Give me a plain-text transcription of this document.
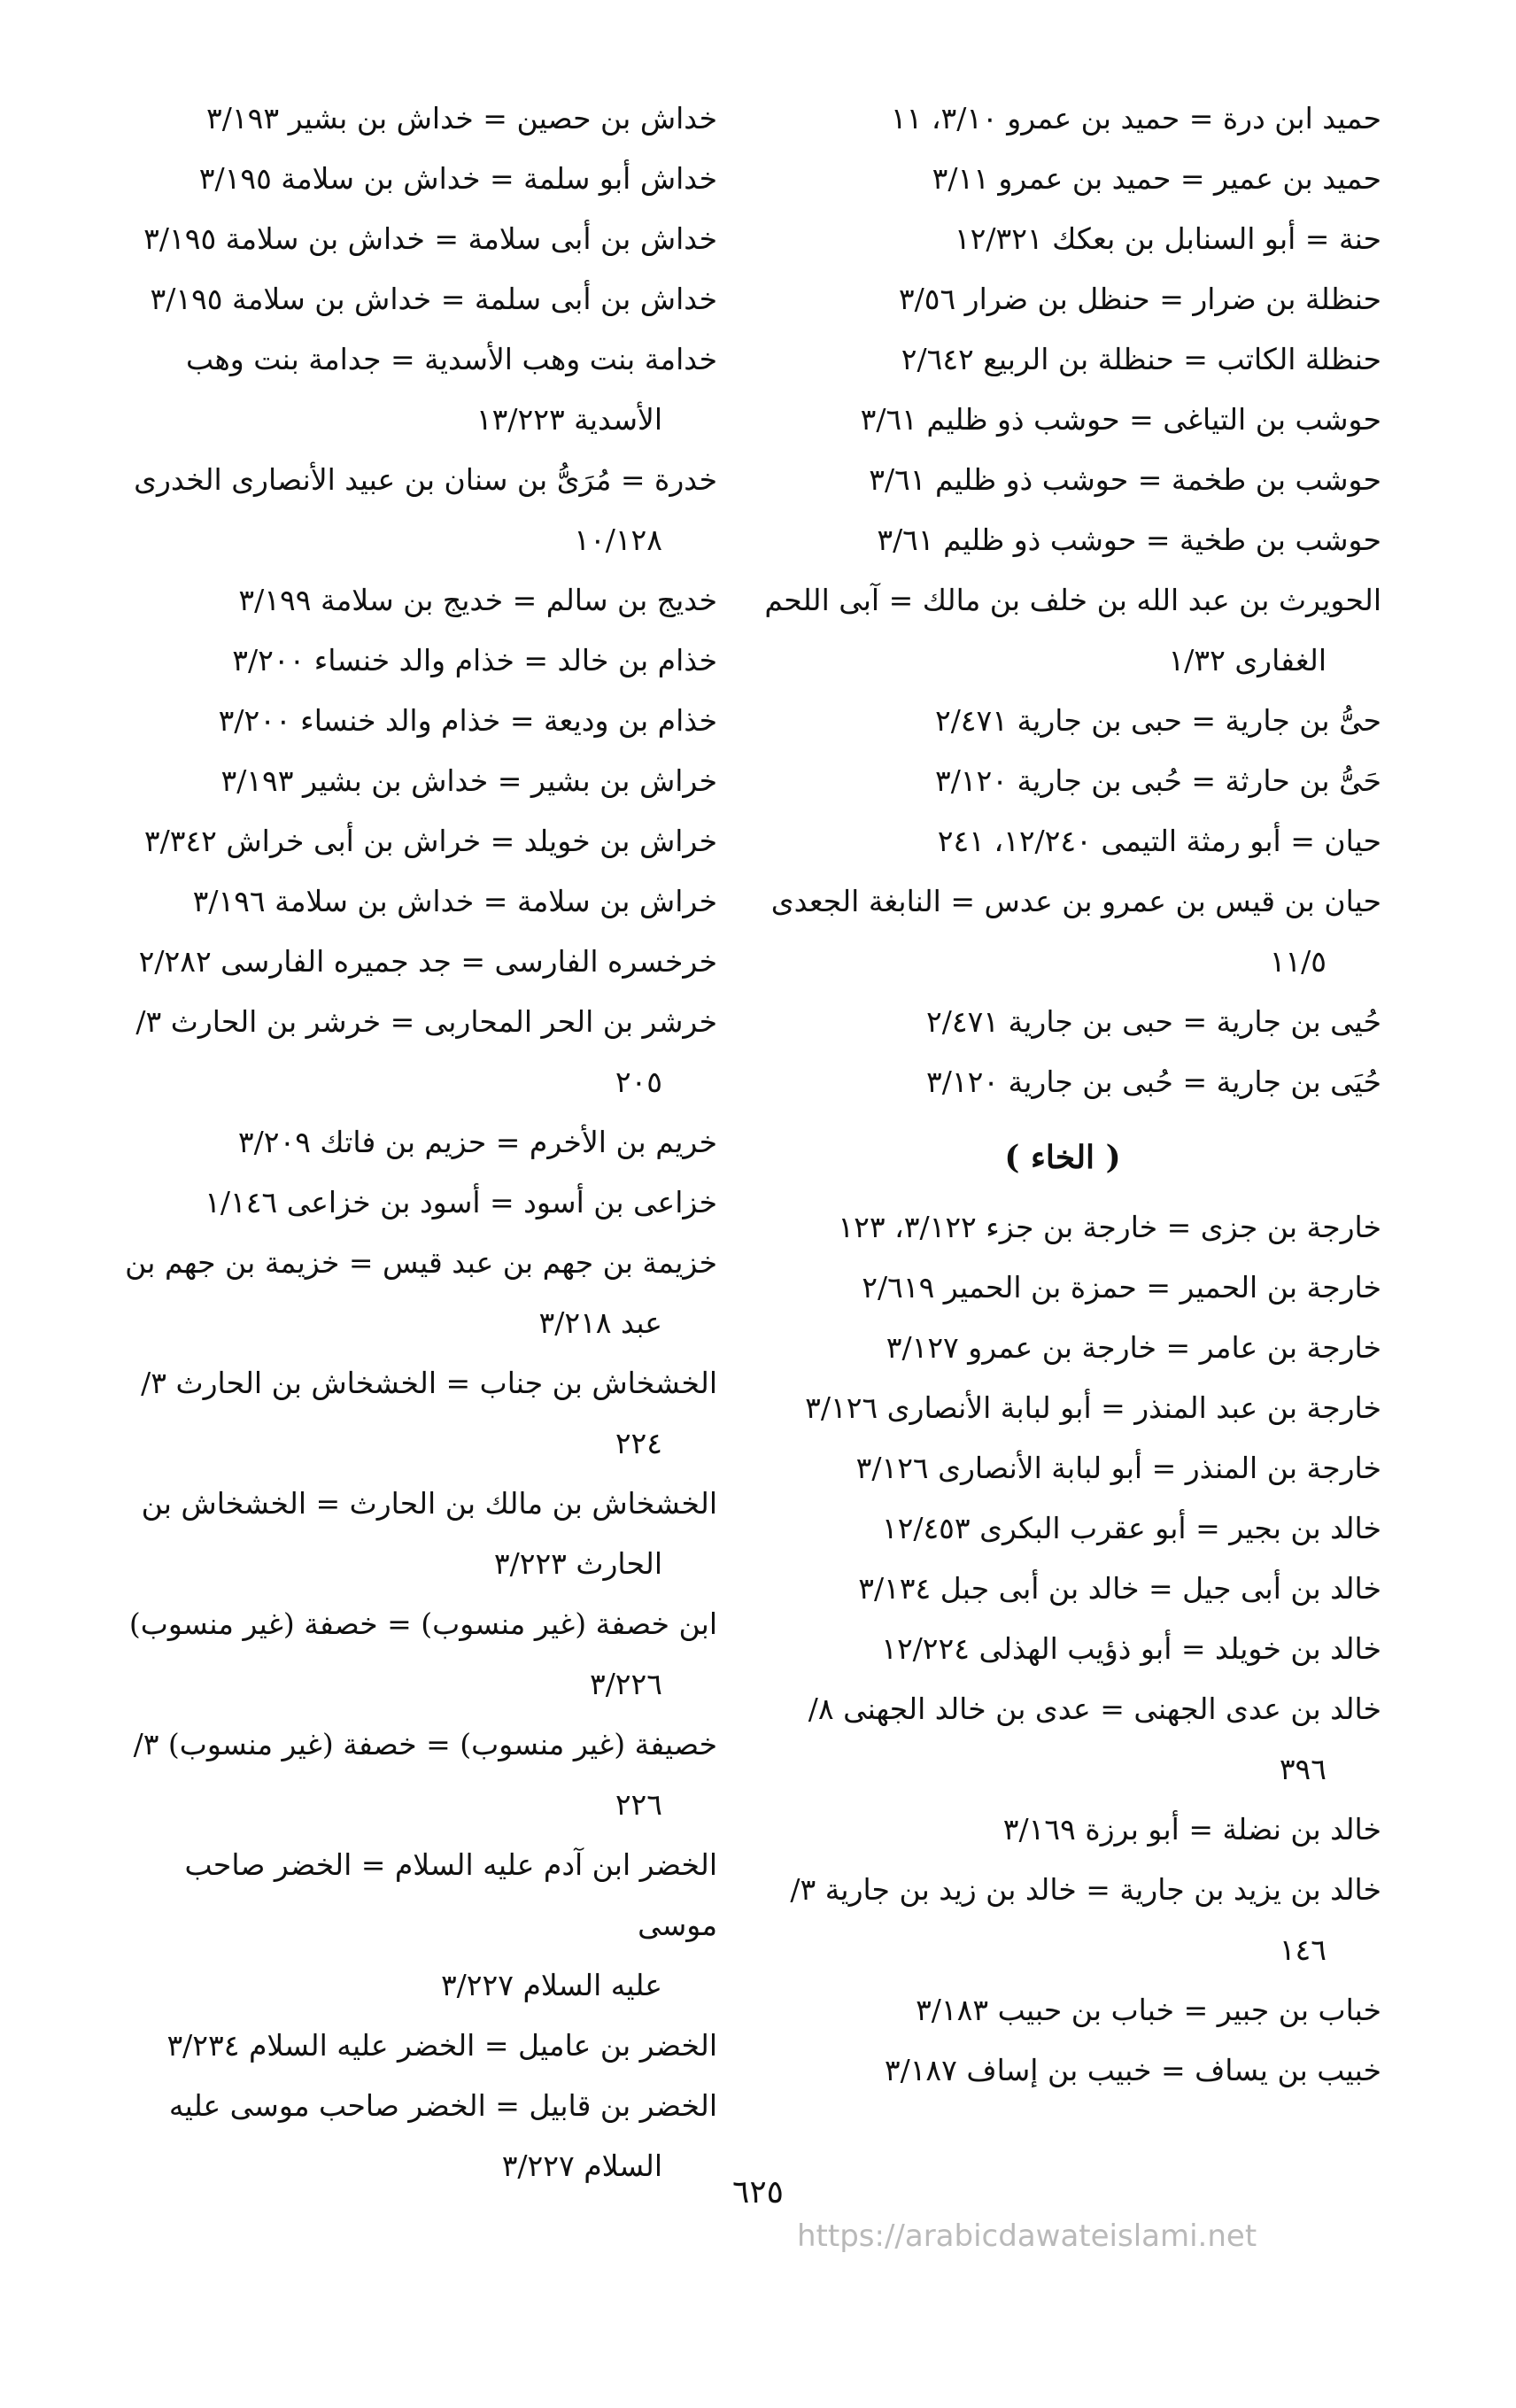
حميد ابن درة = حميد بن عمرو ٣/١٠، ١١

حميد بن عمير = حميد بن عمرو ٣/١١

حنة = أبو السنابل بن بعكك ١٢/٣٢١

حنظلة بن ضرار = حنظل بن ضرار ٣/٥٦

حنظلة الكاتب = حنظلة بن الربيع ٢/٦٤٢

حوشب بن التياغى = حوشب ذو ظليم ٣/٦١

حوشب بن طخمة = حوشب ذو ظليم ٣/٦١

حوشب بن طخية = حوشب ذو ظليم ٣/٦١

الحويرث بن عبد الله بن خلف بن مالك = آبى اللحم
الغفارى ١/٣٢

حىُّ بن جارية = حبى بن جارية ٢/٤٧١

حَىُّ بن حارثة = حُبى بن جارية ٣/١٢٠

حيان = أبو رمثة التيمى ١٢/٢٤٠، ٢٤١

حيان بن قيس بن عمرو بن عدس = النابغة الجعدى
١١/٥

حُيى بن جارية = حبى بن جارية ٢/٤٧١

حُيَى بن جارية = حُبى بن جارية ٣/١٢٠

( الخاء )

خارجة بن جزى = خارجة بن جزء ٣/١٢٢، ١٢٣

خارجة بن الحمير = حمزة بن الحمير ٢/٦١٩

خارجة بن عامر = خارجة بن عمرو ٣/١٢٧

خارجة بن عبد المنذر = أبو لبابة الأنصارى ٣/١٢٦

خارجة بن المنذر = أبو لبابة الأنصارى ٣/١٢٦

خالد بن بجير = أبو عقرب البكرى ١٢/٤٥٣

خالد بن أبى جيل = خالد بن أبى جبل ٣/١٣٤

خالد بن خويلد = أبو ذؤيب الهذلى ١٢/٢٢٤

خالد بن عدى الجهنى = عدى بن خالد الجهنى ٨/
٣٩٦

خالد بن نضلة = أبو برزة ٣/١٦٩

خالد بن يزيد بن جارية = خالد بن زيد بن جارية ٣/
١٤٦

خباب بن جبير = خباب بن حبيب ٣/١٨٣

خبيب بن يساف = خبيب بن إساف ٣/١٨٧

خداش بن حصين = خداش بن بشير ٣/١٩٣

خداش أبو سلمة = خداش بن سلامة ٣/١٩٥

خداش بن أبى سلامة = خداش بن سلامة ٣/١٩٥

خداش بن أبى سلمة = خداش بن سلامة ٣/١٩٥

خدامة بنت وهب الأسدية = جدامة بنت وهب
الأسدية ١٣/٢٢٣

خدرة = مُرَىُّ بن سنان بن عبيد الأنصارى الخدرى
١٠/١٢٨

خديج بن سالم = خديج بن سلامة ٣/١٩٩

خذام بن خالد = خذام والد خنساء ٣/٢٠٠

خذام بن وديعة = خذام والد خنساء ٣/٢٠٠

خراش بن بشير = خداش بن بشير ٣/١٩٣

خراش بن خويلد = خراش بن أبى خراش ٣/٣٤٢

خراش بن سلامة = خداش بن سلامة ٣/١٩٦

خرخسره الفارسى = جد جميره الفارسى ٢/٢٨٢

خرشر بن الحر المحاربى = خرشر بن الحارث ٣/
٢٠٥

خريم بن الأخرم = حزيم بن فاتك ٣/٢٠٩

خزاعى بن أسود = أسود بن خزاعى ١/١٤٦

خزيمة بن جهم بن عبد قيس = خزيمة بن جهم بن
عبد ٣/٢١٨

الخشخاش بن جناب = الخشخاش بن الحارث ٣/
٢٢٤

الخشخاش بن مالك بن الحارث = الخشخاش بن
الحارث ٣/٢٢٣

ابن خصفة (غير منسوب) = خصفة (غير منسوب)
٣/٢٢٦

خصيفة (غير منسوب) = خصفة (غير منسوب) ٣/
٢٢٦

الخضر ابن آدم عليه السلام = الخضر صاحب موسى
عليه السلام ٣/٢٢٧

الخضر بن عاميل = الخضر عليه السلام ٣/٢٣٤

الخضر بن قابيل = الخضر صاحب موسى عليه
السلام ٣/٢٢٧

٦٢٥
https://arabicdawateislami.net
